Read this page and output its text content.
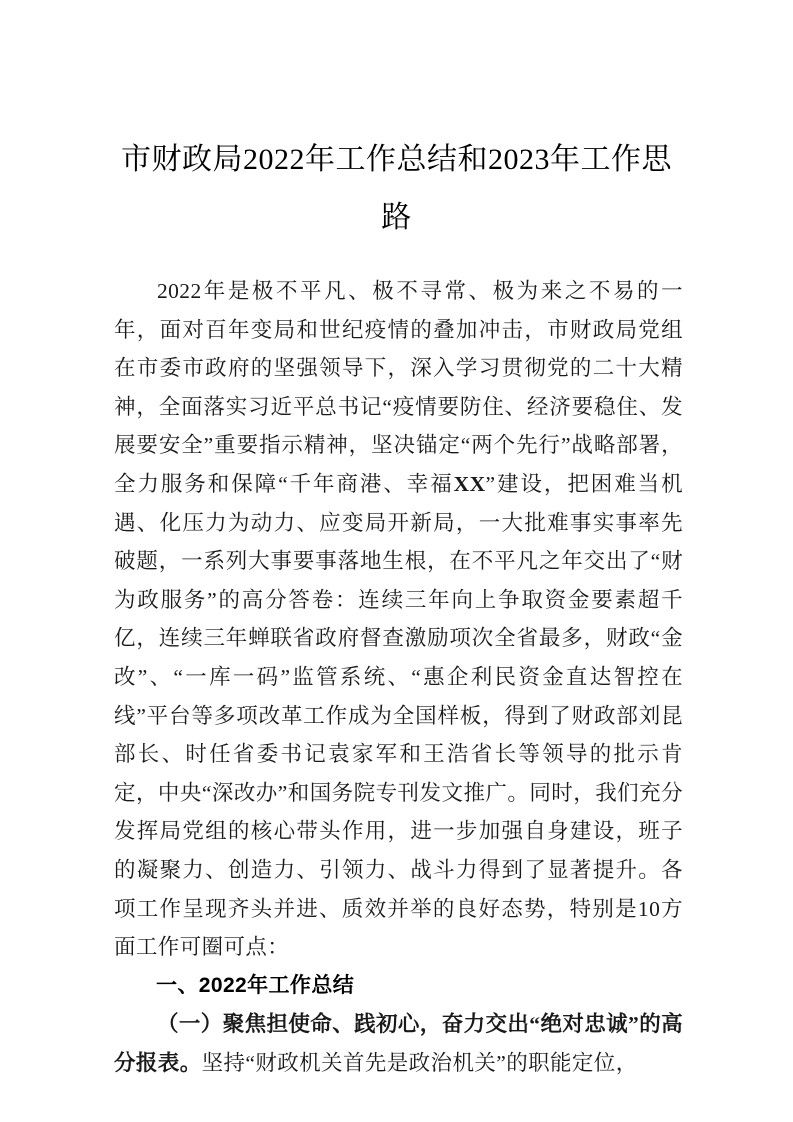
市财政局2022年工作总结和2023年工作思
路

2022年是极不平凡、极不寻常、极为来之不易的一年，面对百年变局和世纪疫情的叠加冲击，市财政局党组在市委市政府的坚强领导下，深入学习贯彻党的二十大精神，全面落实习近平总书记“疫情要防住、经济要稳住、发展要安全”重要指示精神，坚决锚定“两个先行”战略部署，全力服务和保障“千年商港、幸福XX”建设，把困难当机遇、化压力为动力、应变局开新局，一大批难事实事率先破题，一系列大事要事落地生根，在不平凡之年交出了“财为政服务”的高分答卷：连续三年向上争取资金要素超千亿，连续三年蝉联省政府督查激励项次全省最多，财政“金改”、“一库一码”监管系统、“惠企利民资金直达智控在线”平台等多项改革工作成为全国样板，得到了财政部刘昆部长、时任省委书记袁家军和王浩省长等领导的批示肯定，中央“深改办”和国务院专刊发文推广。同时，我们充分发挥局党组的核心带头作用，进一步加强自身建设，班子的凝聚力、创造力、引领力、战斗力得到了显著提升。各项工作呈现齐头并进、质效并举的良好态势，特别是10方面工作可圈可点：

一、2022年工作总结

（一）聚焦担使命、践初心，奋力交出“绝对忠诚”的高分报表。坚持“财政机关首先是政治机关”的职能定位，
